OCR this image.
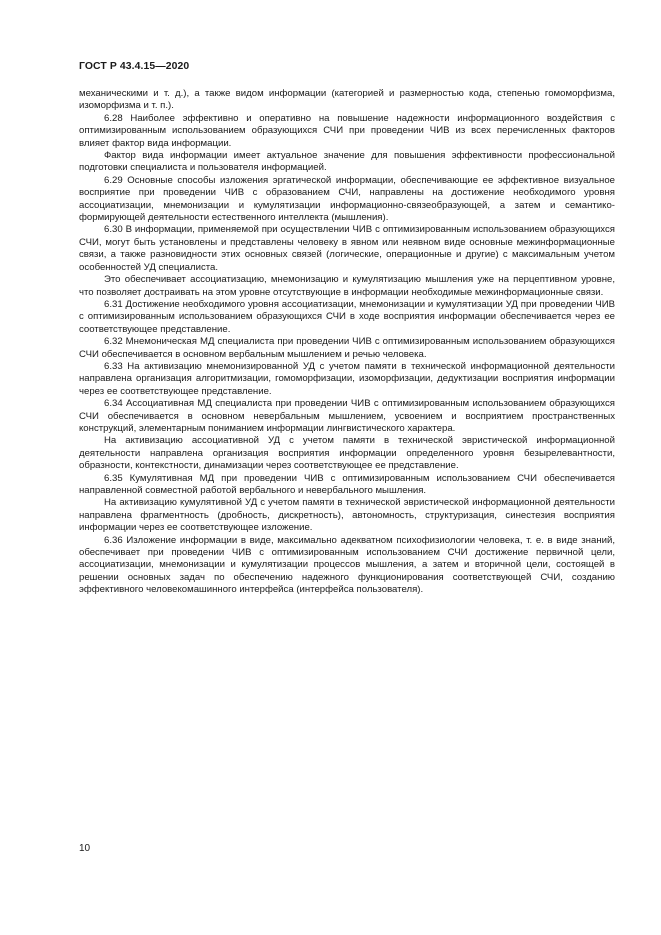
ГОСТ Р 43.4.15—2020

механическими и т. д.), а также видом информации (категорией и размерностью кода, степенью гомоморфизма, изоморфизма и т. п.).

6.28 Наиболее эффективно и оперативно на повышение надежности информационного воздействия с оптимизированным использованием образующихся СЧИ при проведении ЧИВ из всех перечисленных факторов влияет фактор вида информации.

Фактор вида информации имеет актуальное значение для повышения эффективности профессиональной подготовки специалиста и пользователя информацией.

6.29 Основные способы изложения эргатической информации, обеспечивающие ее эффективное визуальное восприятие при проведении ЧИВ с образованием СЧИ, направлены на достижение необходимого уровня ассоциатизации, мнемонизации и кумулятизации информационно-связеобразующей, а затем и семантико-формирующей деятельности естественного интеллекта (мышления).

6.30 В информации, применяемой при осуществлении ЧИВ с оптимизированным использованием образующихся СЧИ, могут быть установлены и представлены человеку в явном или неявном виде основные межинформационные связи, а также разновидности этих основных связей (логические, операционные и другие) с максимальным учетом особенностей УД специалиста.

Это обеспечивает ассоциатизацию, мнемонизацию и кумулятизацию мышления уже на перцептивном уровне, что позволяет достраивать на этом уровне отсутствующие в информации необходимые межинформационные связи.

6.31 Достижение необходимого уровня ассоциатизации, мнемонизации и кумулятизации УД при проведении ЧИВ с оптимизированным использованием образующихся СЧИ в ходе восприятия информации обеспечивается через ее соответствующее представление.

6.32 Мнемоническая МД специалиста при проведении ЧИВ с оптимизированным использованием образующихся СЧИ обеспечивается в основном вербальным мышлением и речью человека.

6.33 На активизацию мнемонизированной УД с учетом памяти в технической информационной деятельности направлена организация алгоритмизации, гомоморфизации, изоморфизации, дедуктизации восприятия информации через ее соответствующее представление.

6.34 Ассоциативная МД специалиста при проведении ЧИВ с оптимизированным использованием образующихся СЧИ обеспечивается в основном невербальным мышлением, усвоением и восприятием пространственных конструкций, элементарным пониманием информации лингвистического характера.

На активизацию ассоциативной УД с учетом памяти в технической эвристической информационной деятельности направлена организация восприятия информации определенного уровня безырелевантности, образности, контекстности, динамизации через соответствующее ее представление.

6.35 Кумулятивная МД при проведении ЧИВ с оптимизированным использованием СЧИ обеспечивается направленной совместной работой вербального и невербального мышления.

На активизацию кумулятивной УД с учетом памяти в технической эвристической информационной деятельности направлена фрагментность (дробность, дискретность), автономность, структуризация, синестезия восприятия информации через ее соответствующее изложение.

6.36 Изложение информации в виде, максимально адекватном психофизиологии человека, т. е. в виде знаний, обеспечивает при проведении ЧИВ с оптимизированным использованием СЧИ достижение первичной цели, ассоциатизации, мнемонизации и кумулятизации процессов мышления, а затем и вторичной цели, состоящей в решении основных задач по обеспечению надежного функционирования соответствующей СЧИ, созданию эффективного человекомашинного интерфейса (интерфейса пользователя).

10
